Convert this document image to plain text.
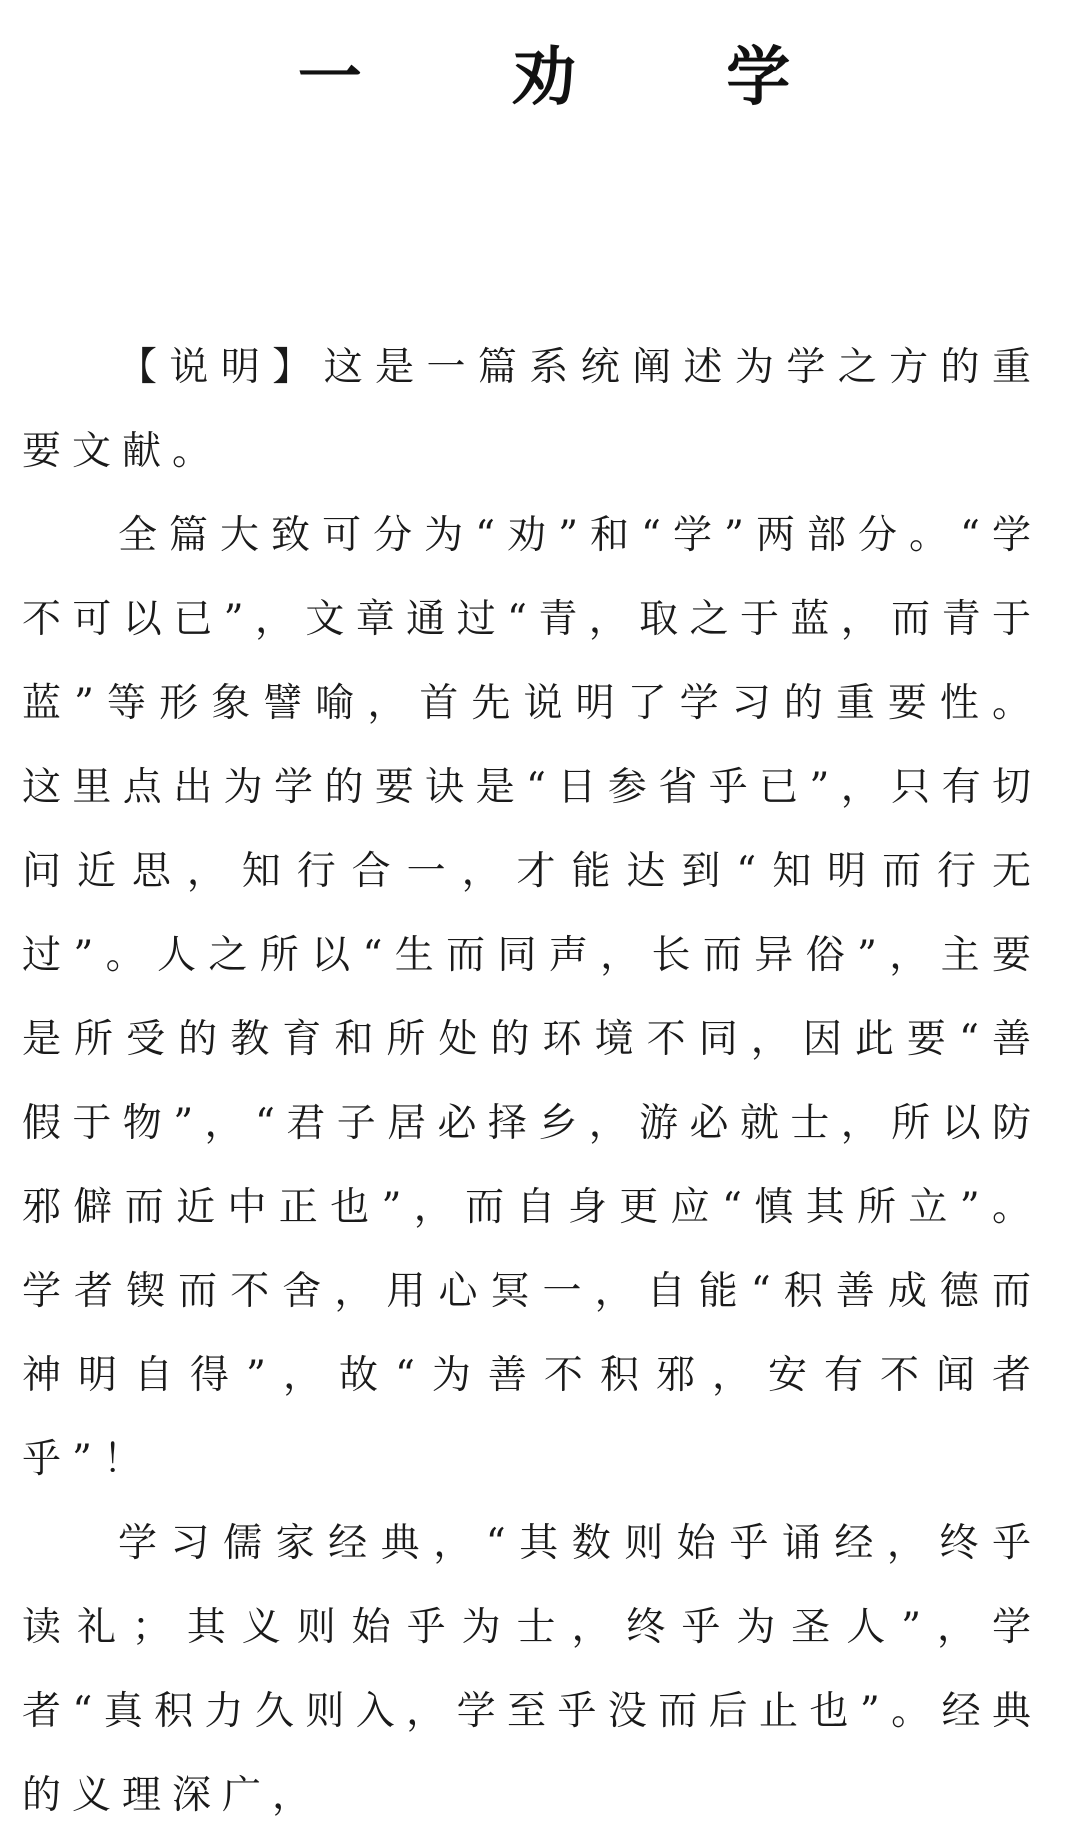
一 劝 学

【说明】这是一篇系统阐述为学之方的重要文献。

全篇大致可分为“劝”和“学”两部分。“学不可以已”，文章通过“青，取之于蓝，而青于蓝”等形象譬喻，首先说明了学习的重要性。这里点出为学的要诀是“日参省乎已”，只有切问近思，知行合一，才能达到“知明而行无过”。人之所以“生而同声，长而异俗”，主要是所受的教育和所处的环境不同，因此要“善假于物”，“君子居必择乡，游必就士，所以防邪僻而近中正也”，而自身更应“慎其所立”。学者锲而不舍，用心冥一，自能“积善成德而神明自得”，故“为善不积邪，安有不闻者乎”！

学习儒家经典，“其数则始乎诵经，终乎读礼；其义则始乎为士，终乎为圣人”，学者“真积力久则入，学至乎没而后止也”。经典的义理深广，
